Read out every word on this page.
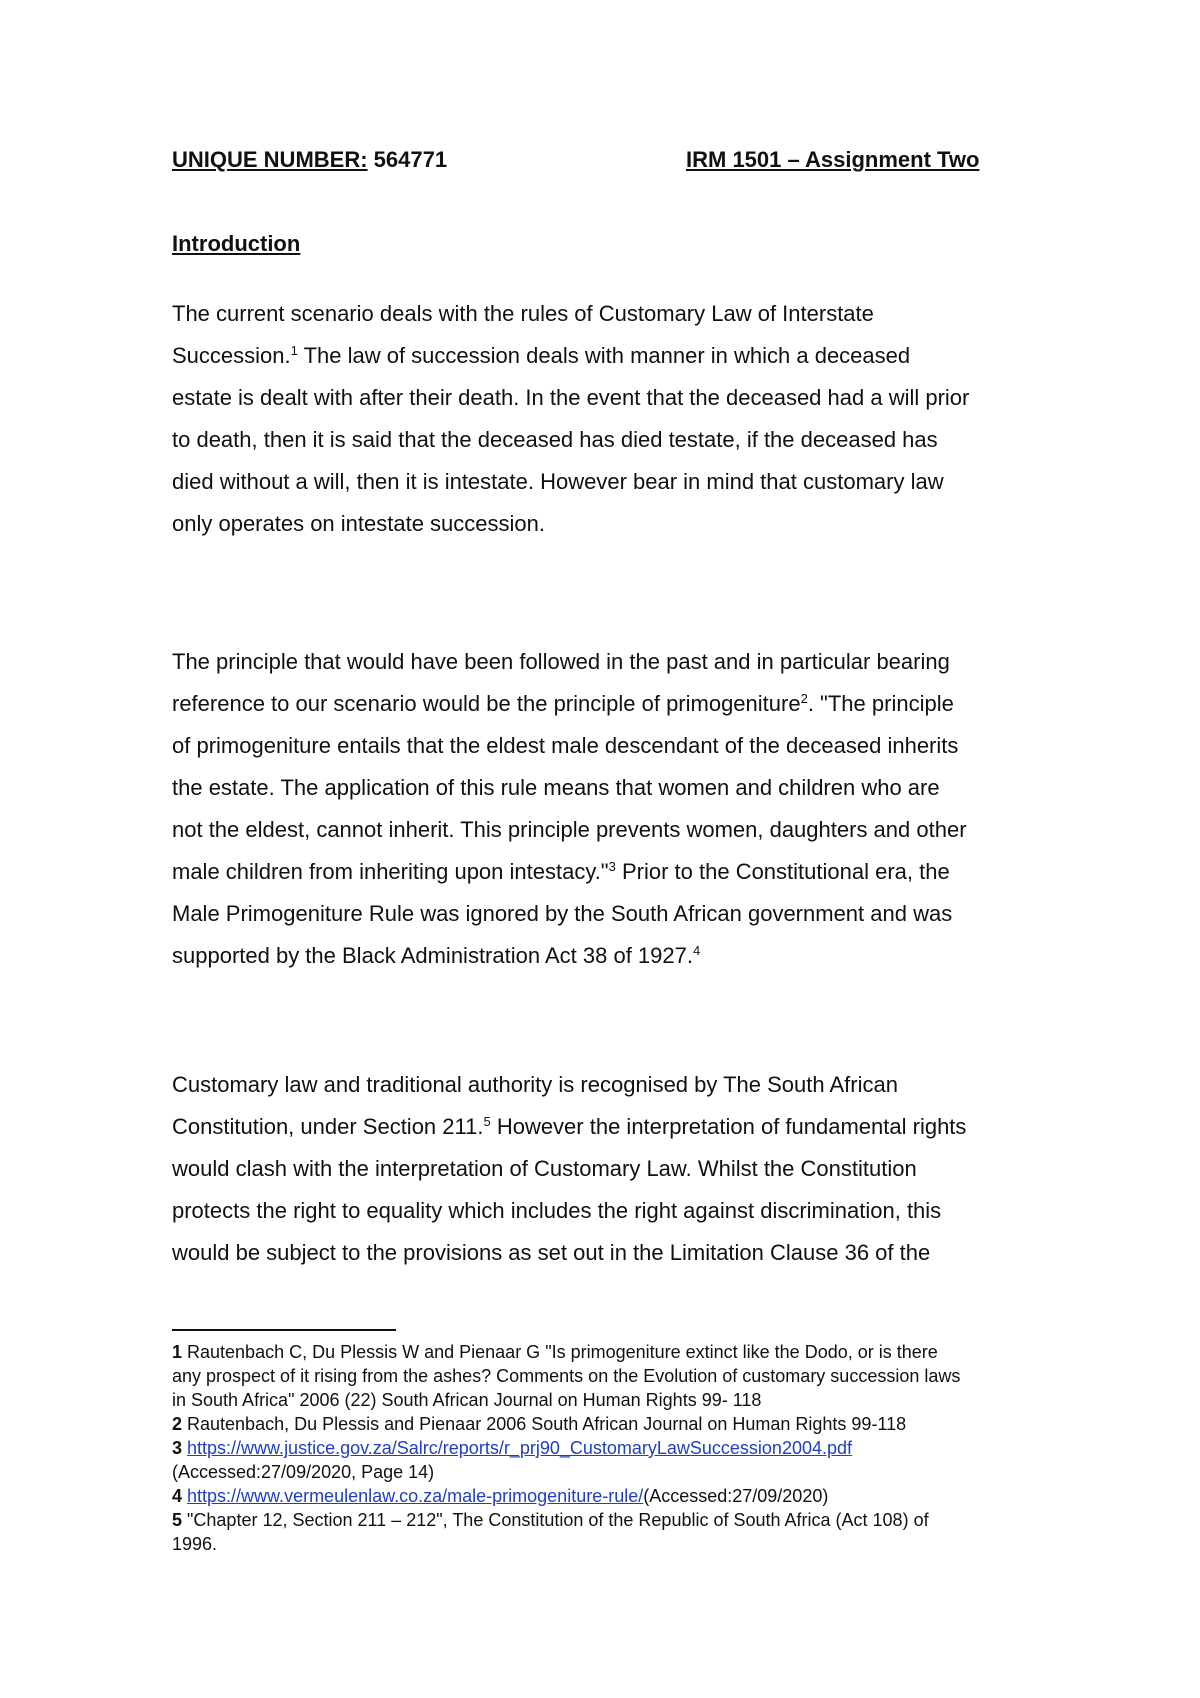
UNIQUE NUMBER: 564771	IRM 1501 – Assignment Two
Introduction
The current scenario deals with the rules of Customary Law of Interstate
Succession.$^1$ The law of succession deals with manner in which a deceased
estate is dealt with after their death. In the event that the deceased had a will prior
to death, then it is said that the deceased has died testate, if the deceased has
died without a will, then it is intestate. However bear in mind that customary law
only operates on intestate succession.
The principle that would have been followed in the past and in particular bearing
reference to our scenario would be the principle of primogeniture$^2$. "The principle
of primogeniture entails that the eldest male descendant of the deceased inherits
the estate. The application of this rule means that women and children who are
not the eldest, cannot inherit. This principle prevents women, daughters and other
male children from inheriting upon intestacy."$^3$ Prior to the Constitutional era, the
Male Primogeniture Rule was ignored by the South African government and was
supported by the Black Administration Act 38 of 1927.$^4$
Customary law and traditional authority is recognised by The South African
Constitution, under Section 211.$^5$ However the interpretation of fundamental rights
would clash with the interpretation of Customary Law. Whilst the Constitution
protects the right to equality which includes the right against discrimination, this
would be subject to the provisions as set out in the Limitation Clause 36 of the
1 Rautenbach C, Du Plessis W and Pienaar G "Is primogeniture extinct like the Dodo, or is there
any prospect of it rising from the ashes? Comments on the Evolution of customary succession laws
in South Africa" 2006 (22) South African Journal on Human Rights 99- 118
2 Rautenbach, Du Plessis and Pienaar 2006 South African Journal on Human Rights 99-118
3 https://www.justice.gov.za/Salrc/reports/r_prj90_CustomaryLawSuccession2004.pdf
(Accessed:27/09/2020, Page 14)
4 https://www.vermeulenlaw.co.za/male-primogeniture-rule/(Accessed:27/09/2020)
5 "Chapter 12, Section 211 – 212", The Constitution of the Republic of South Africa (Act 108) of
1996.
